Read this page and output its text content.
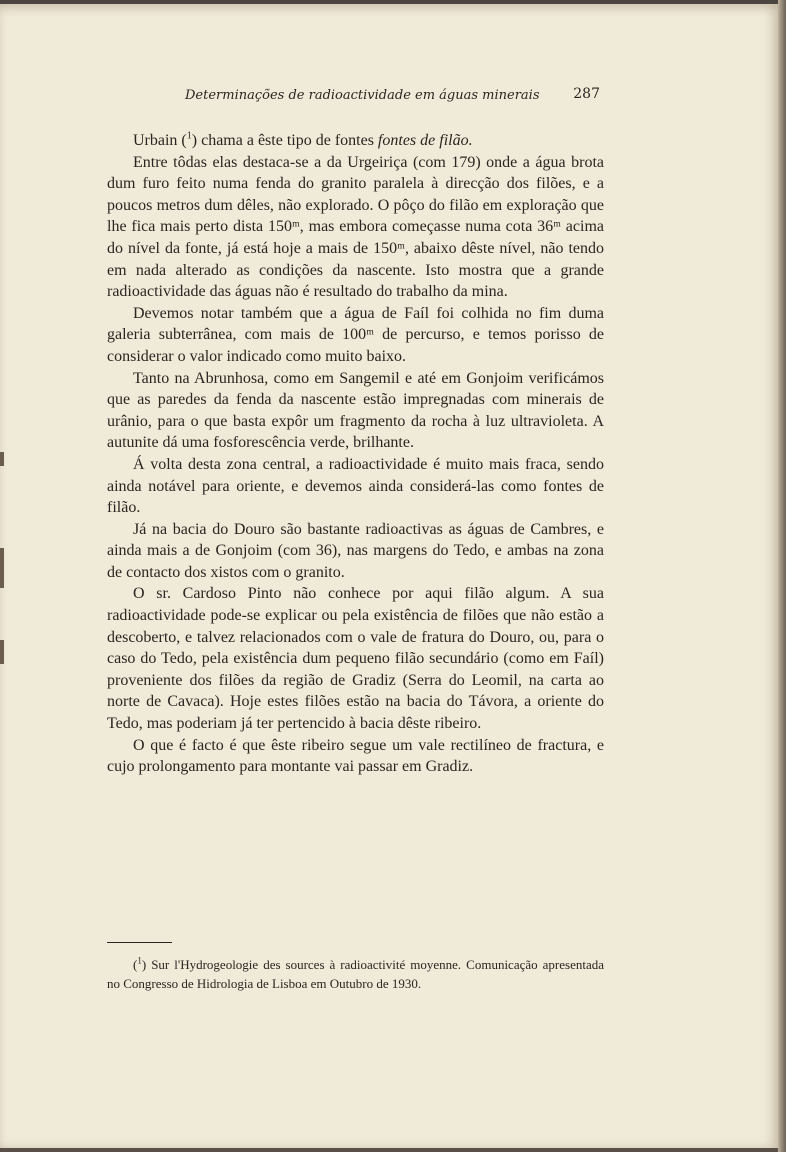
Determinações de radioactividade em águas minerais 287

Urbain ($^1$) chama a êste tipo de fontes fontes de filão.

Entre tôdas elas destaca-se a da Urgeiriça (com 179) onde a água brota dum furo feito numa fenda do granito paralela à direcção dos filões, e a poucos metros dum dêles, não explorado. O pôço do filão em exploração que lhe fica mais perto dista 150ᵐ, mas embora começasse numa cota 36ᵐ acima do nível da fonte, já está hoje a mais de 150ᵐ, abaixo dêste nível, não tendo em nada alterado as condições da nascente. Isto mostra que a grande radioactividade das águas não é resultado do trabalho da mina.

Devemos notar também que a água de Faíl foi colhida no fim duma galeria subterrânea, com mais de 100ᵐ de percurso, e temos porisso de considerar o valor indicado como muito baixo.

Tanto na Abrunhosa, como em Sangemil e até em Gonjoim verificámos que as paredes da fenda da nascente estão impregnadas com minerais de urânio, para o que basta expôr um fragmento da rocha à luz ultravioleta. A autunite dá uma fosforescência verde, brilhante.

Á volta desta zona central, a radioactividade é muito mais fraca, sendo ainda notável para oriente, e devemos ainda considerá-las como fontes de filão.

Já na bacia do Douro são bastante radioactivas as águas de Cambres, e ainda mais a de Gonjoim (com 36), nas margens do Tedo, e ambas na zona de contacto dos xistos com o granito.

O sr. Cardoso Pinto não conhece por aqui filão algum. A sua radioactividade pode-se explicar ou pela existência de filões que não estão a descoberto, e talvez relacionados com o vale de fratura do Douro, ou, para o caso do Tedo, pela existência dum pequeno filão secundário (como em Faíl) proveniente dos filões da região de Gradiz (Serra do Leomil, na carta ao norte de Cavaca). Hoje estes filões estão na bacia do Távora, a oriente do Tedo, mas poderiam já ter pertencido à bacia dêste ribeiro.

O que é facto é que êste ribeiro segue um vale rectilíneo de fractura, e cujo prolongamento para montante vai passar em Gradiz.

($^1$) Sur l'Hydrogeologie des sources à radioactivité moyenne. Comunicação apresentada no Congresso de Hidrologia de Lisboa em Outubro de 1930.
